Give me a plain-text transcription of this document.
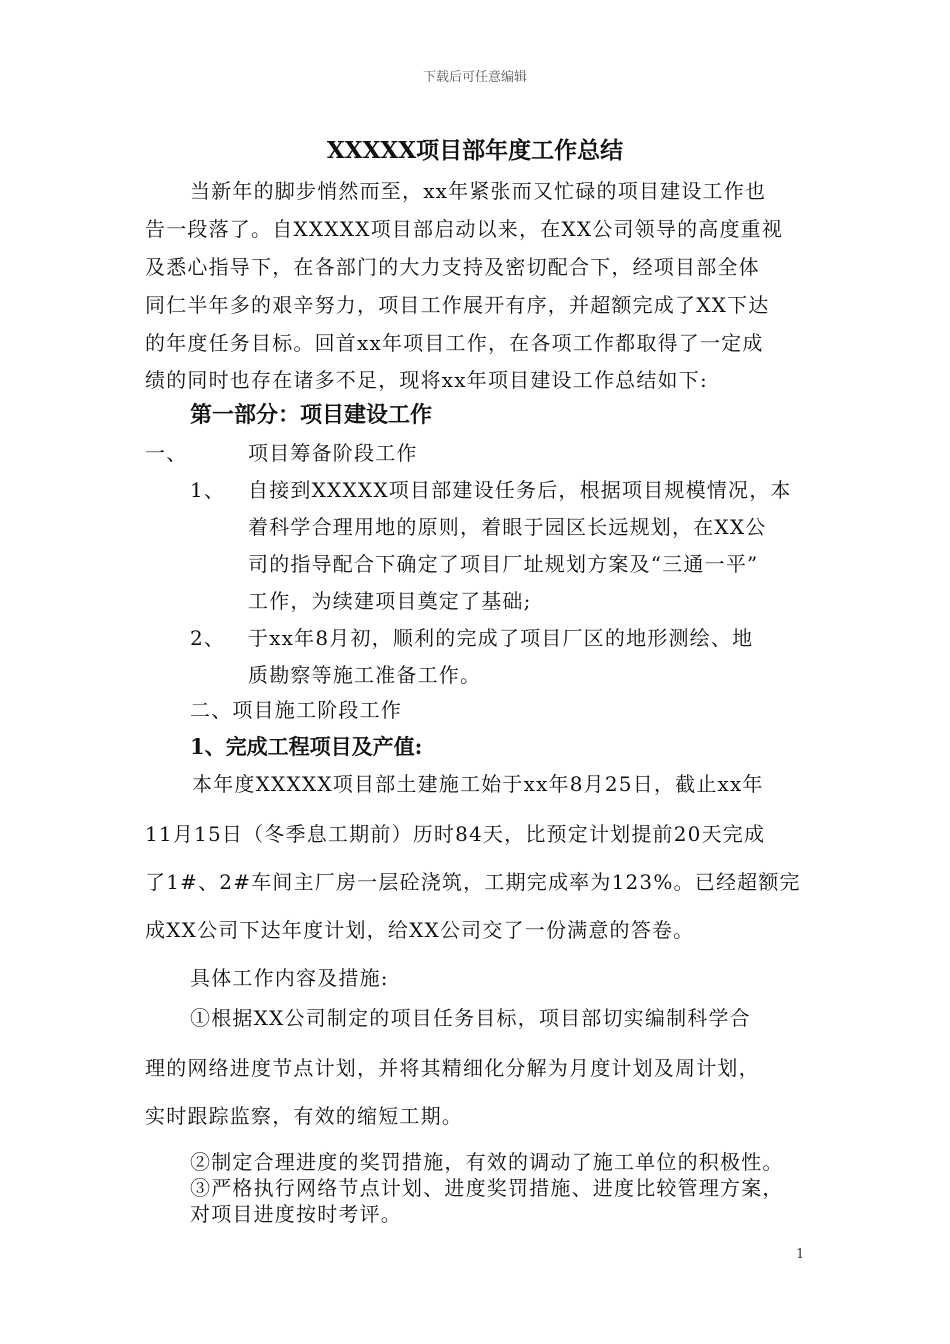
下载后可任意编辑
XXXXX项目部年度工作总结
当新年的脚步悄然而至，xx年紧张而又忙碌的项目建设工作也
告一段落了。自XXXXX项目部启动以来，在XX公司领导的高度重视
及悉心指导下，在各部门的大力支持及密切配合下，经项目部全体
同仁半年多的艰辛努力，项目工作展开有序，并超额完成了XX下达
的年度任务目标。回首xx年项目工作，在各项工作都取得了一定成
绩的同时也存在诸多不足，现将xx年项目建设工作总结如下:
第一部分：项目建设工作
一、	项目筹备阶段工作
1、 自接到XXXXX项目部建设任务后，根据项目规模情况，本
着科学合理用地的原则，着眼于园区长远规划，在XX公
司的指导配合下确定了项目厂址规划方案及“三通一平”
工作，为续建项目奠定了基础;
2、 于xx年8月初，顺利的完成了项目厂区的地形测绘、地
质勘察等施工准备工作。
二、项目施工阶段工作
1、完成工程项目及产值:
本年度XXXXX项目部土建施工始于xx年8月25日，截止xx年
11月15日（冬季息工期前）历时84天，比预定计划提前20天完成
了1#、2#车间主厂房一层砼浇筑，工期完成率为123%。已经超额完
成XX公司下达年度计划，给XX公司交了一份满意的答卷。
具体工作内容及措施:
①根据XX公司制定的项目任务目标，项目部切实编制科学合
理的网络进度节点计划，并将其精细化分解为月度计划及周计划，
实时跟踪监察，有效的缩短工期。
②制定合理进度的奖罚措施，有效的调动了施工单位的积极性。
③严格执行网络节点计划、进度奖罚措施、进度比较管理方案，
对项目进度按时考评。
1
